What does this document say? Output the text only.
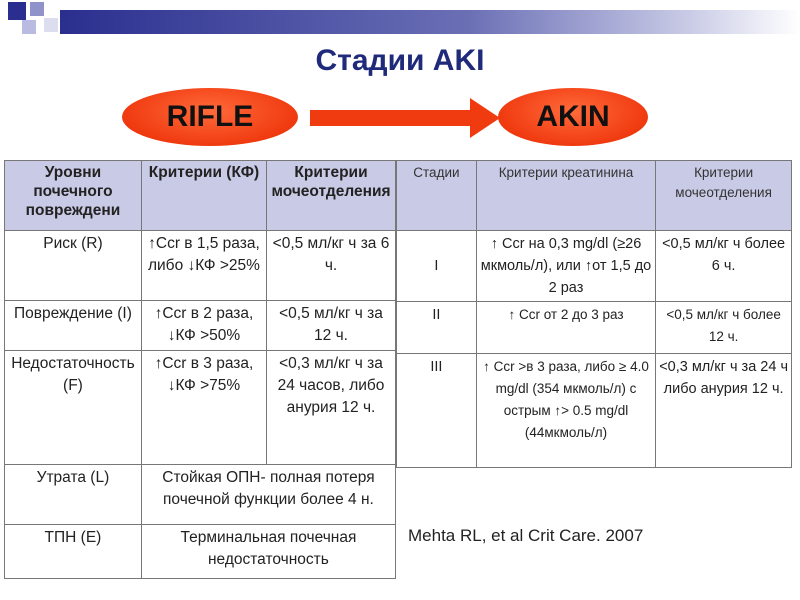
Стадии AKI
RIFLE	AKIN
Уровни почечного повреждени	Критерии (КФ)	Критерии мочеотделения
Риск (R)	↑Ccr в 1,5 раза, либо ↓КФ >25%	<0,5 мл/кг ч за 6 ч.
Повреждение (I)	↑Ccr в 2 раза, ↓КФ >50%	<0,5 мл/кг ч за 12 ч.
Недостаточность (F)	↑Ccr в 3 раза, ↓КФ >75%	<0,3 мл/кг ч за 24 часов, либо анурия 12 ч.
Утрата (L)	Стойкая ОПН- полная потеря почечной функции более 4 н.	
ТПН (E)	Терминальная почечная недостаточность	
Стадии	Критерии креатинина	Критерии мочеотделения
I	↑ Ccr на 0,3 mg/dl (≥26 мкмоль/л), или ↑от 1,5 до 2 раз	<0,5 мл/кг ч более 6 ч.
II	↑ Ccr от 2 до 3 раз	<0,5 мл/кг ч более 12 ч.
III	↑ Ccr >в 3 раза, либо ≥ 4.0 mg/dl (354 мкмоль/л) с острым ↑> 0.5 mg/dl (44мкмоль/л)	<0,3 мл/кг ч за 24 ч либо анурия 12 ч.
Mehta RL, et al Crit Care. 2007
